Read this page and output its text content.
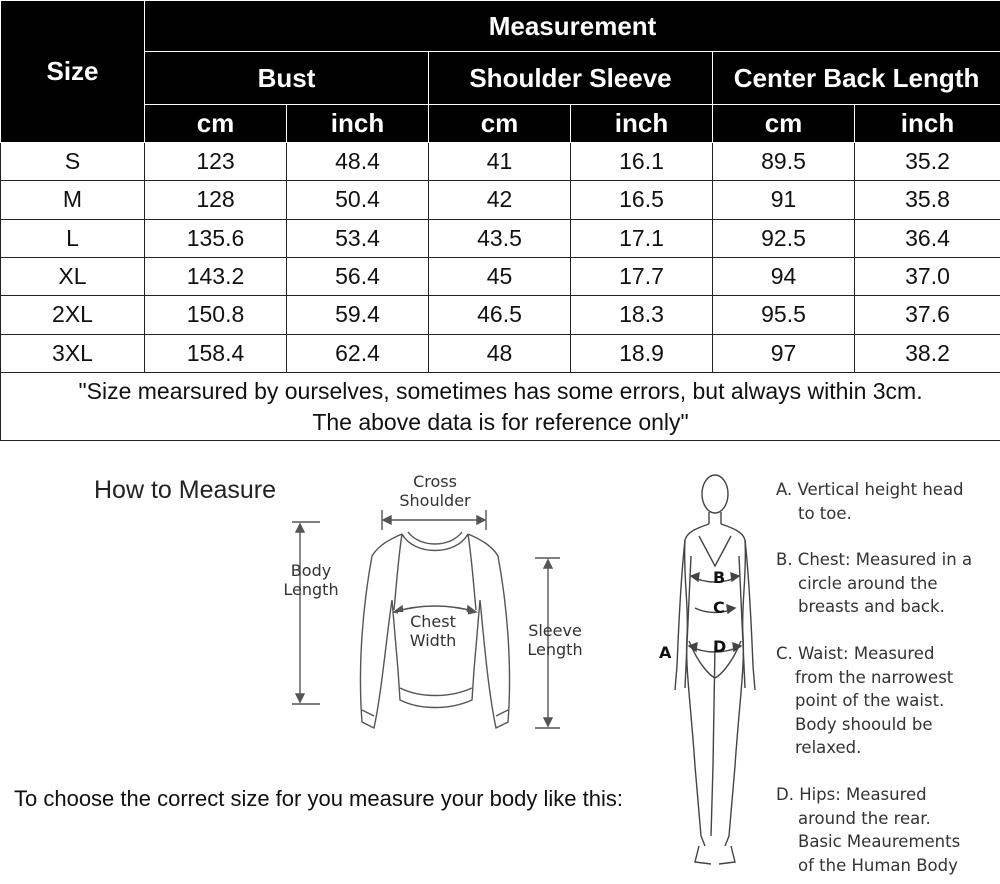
Size	Measurement					
	Bust		Shoulder Sleeve		Center Back Length	
	cm	inch	cm	inch	cm	inch
S	123	48.4	41	16.1	89.5	35.2
M	128	50.4	42	16.5	91	35.8
L	135.6	53.4	43.5	17.1	92.5	36.4
XL	143.2	56.4	45	17.7	94	37.0
2XL	150.8	59.4	46.5	18.3	95.5	37.6
3XL	158.4	62.4	48	18.9	97	38.2
"Size mearsured by ourselves, sometimes has some errors, but always within 3cm.
The above data is for reference only"						
How to Measure	Cross
Shoulder
Body
Length
Chest
Width
Sleeve
Length
To choose the correct size for you measure your body like this:
A
B
C
D
A. Vertical height head
to toe.
B. Chest: Measured in a
circle around the
breasts and back.
C. Waist: Measured
from the narrowest
point of the waist.
Body shoould be
relaxed.
D. Hips: Measured
around the rear.
Basic Meaurements
of the Human Body
